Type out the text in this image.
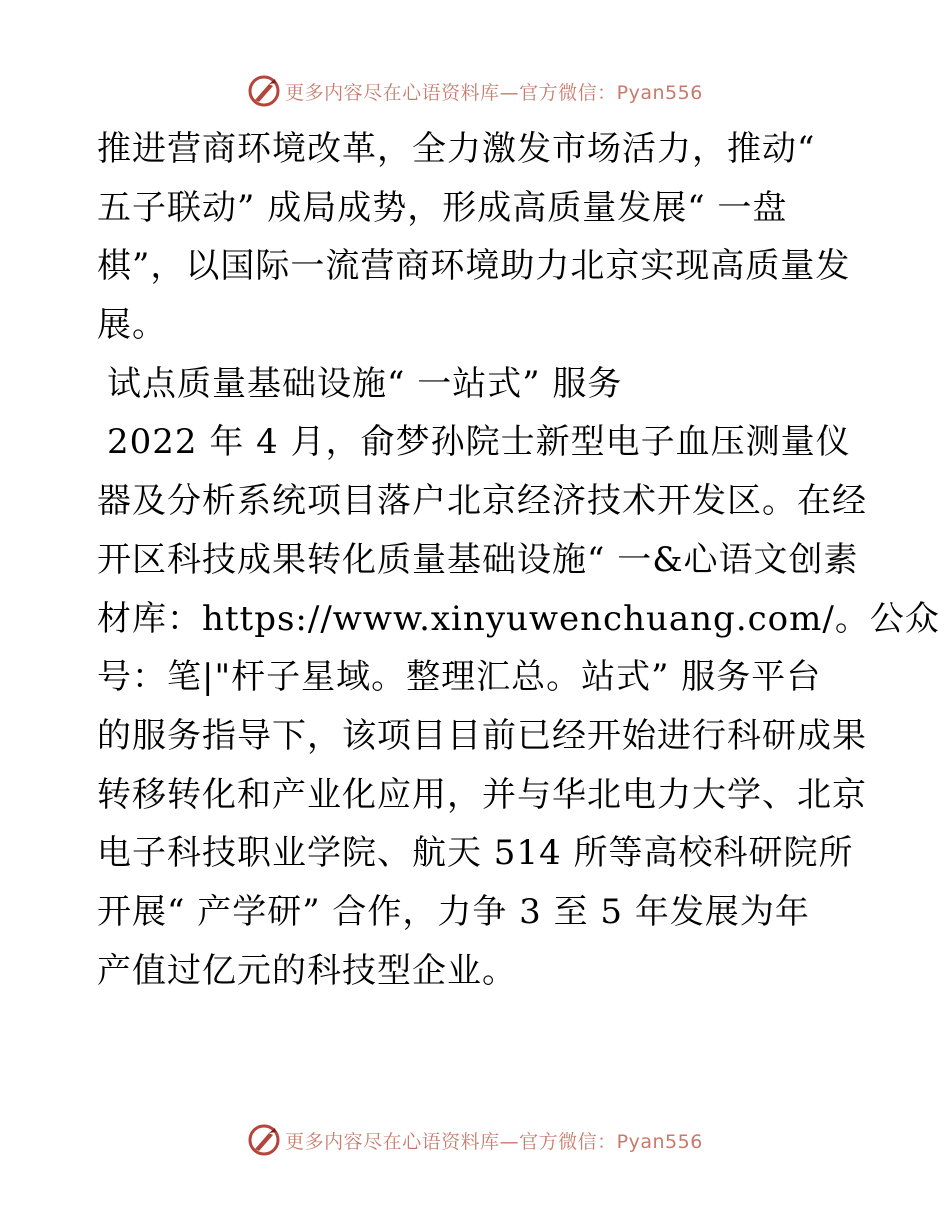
更多内容尽在心语资料库—官方微信：Pyan556
推进营商环境改革，全力激发市场活力，推动“
五子联动” 成局成势，形成高质量发展“ 一盘
棋”，以国际一流营商环境助力北京实现高质量发
展。
试点质量基础设施“ 一站式” 服务
2022 年 4 月，俞梦孙院士新型电子血压测量仪
器及分析系统项目落户北京经济技术开发区。在经
开区科技成果转化质量基础设施“ 一&心语文创素
材库：https://www.xinyuwenchuang.com/。公众
号：笔|"杆子星域。整理汇总。站式” 服务平台
的服务指导下，该项目目前已经开始进行科研成果
转移转化和产业化应用，并与华北电力大学、北京
电子科技职业学院、航天 514 所等高校科研院所
开展“ 产学研” 合作，力争 3 至 5 年发展为年
产值过亿元的科技型企业。
更多内容尽在心语资料库—官方微信：Pyan556
